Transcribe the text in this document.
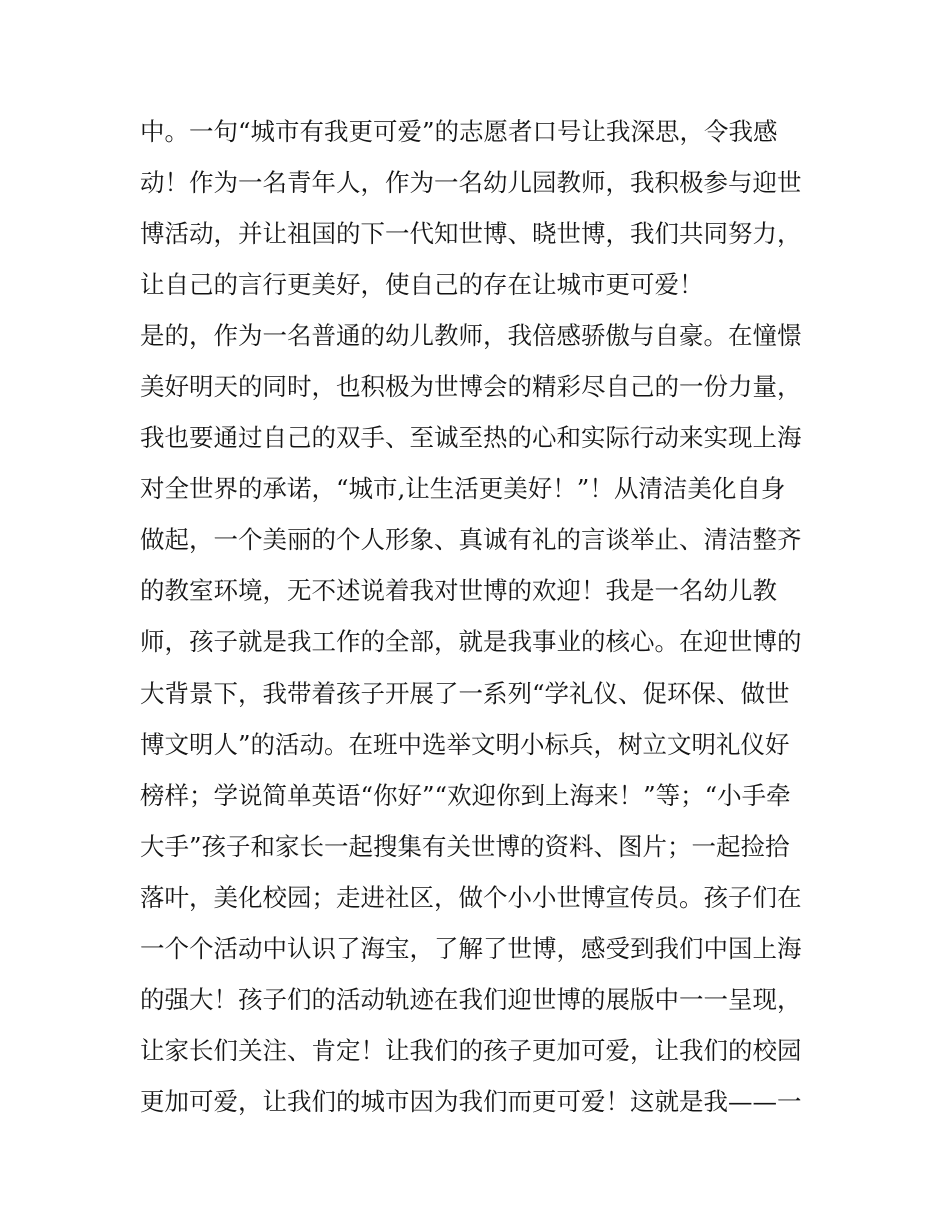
中。一句“城市有我更可爱”的志愿者口号让我深思，令我感
动！作为一名青年人，作为一名幼儿园教师，我积极参与迎世
博活动，并让祖国的下一代知世博、晓世博，我们共同努力，
让自己的言行更美好，使自己的存在让城市更可爱！
是的，作为一名普通的幼儿教师，我倍感骄傲与自豪。在憧憬
美好明天的同时，也积极为世博会的精彩尽自己的一份力量，
我也要通过自己的双手、至诚至热的心和实际行动来实现上海
对全世界的承诺，“城市,让生活更美好！”！从清洁美化自身
做起，一个美丽的个人形象、真诚有礼的言谈举止、清洁整齐
的教室环境，无不述说着我对世博的欢迎！我是一名幼儿教
师，孩子就是我工作的全部，就是我事业的核心。在迎世博的
大背景下，我带着孩子开展了一系列“学礼仪、促环保、做世
博文明人”的活动。在班中选举文明小标兵，树立文明礼仪好
榜样；学说简单英语“你好”“欢迎你到上海来！”等；“小手牵
大手”孩子和家长一起搜集有关世博的资料、图片；一起捡拾
落叶，美化校园；走进社区，做个小小世博宣传员。孩子们在
一个个活动中认识了海宝，了解了世博，感受到我们中国上海
的强大！孩子们的活动轨迹在我们迎世博的展版中一一呈现，
让家长们关注、肯定！让我们的孩子更加可爱，让我们的校园
更加可爱，让我们的城市因为我们而更可爱！这就是我——一
